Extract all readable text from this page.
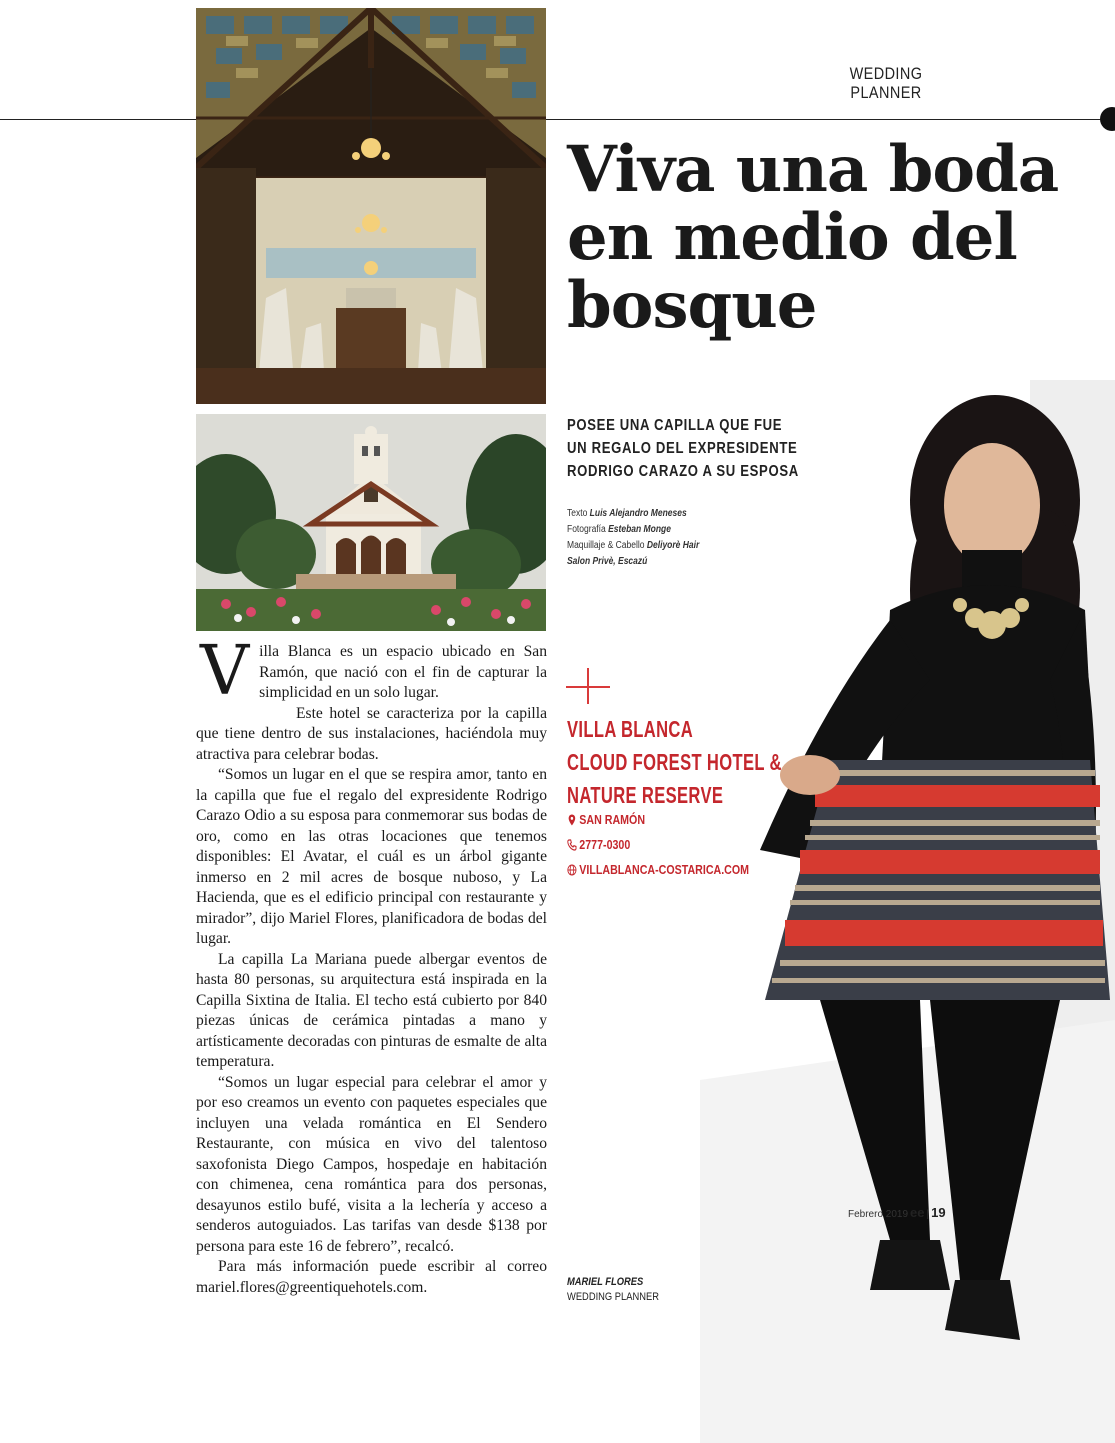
WEDDING
PLANNER
Viva una boda
en medio del
bosque
POSEE UNA CAPILLA QUE FUE
UN REGALO DEL EXPRESIDENTE
RODRIGO CARAZO A SU ESPOSA
Texto Luis Alejandro Meneses
Fotografía Esteban Monge
Maquillaje & Cabello Deliyorè Hair
Salon Privè, Escazú
VILLA BLANCA
CLOUD FOREST HOTEL &
NATURE RESERVE
SAN RAMÓN
2777-0300
VILLABLANCA-COSTARICA.COM

Villa Blanca es un espacio ubicado en San Ramón, que nació con el fin de capturar la simplicidad en un solo lugar.

Este hotel se caracteriza por la capilla que tiene dentro de sus instalaciones, haciéndola muy atractiva para celebrar bodas.

“Somos un lugar en el que se respira amor, tanto en la capilla que fue el regalo del expresidente Rodrigo Carazo Odio a su esposa para conmemorar sus bodas de oro, como en las otras locaciones que tenemos disponibles: El Avatar, el cuál es un árbol gigante inmerso en 2 mil acres de bosque nuboso, y La Hacienda, que es el edificio principal con restaurante y mirador”, dijo Mariel Flores, planificadora de bodas del lugar.

La capilla La Mariana puede albergar eventos de hasta 80 personas, su arquitectura está inspirada en la Capilla Sixtina de Italia. El techo está cubierto por 840 piezas únicas de cerámica pintadas a mano y artísticamente decoradas con pinturas de esmalte de alta temperatura.

“Somos un lugar especial para celebrar el amor y por eso creamos un evento con paquetes especiales que incluyen una velada romántica en El Sendero Restaurante, con música en vivo del talentoso saxofonista Diego Campos, hospedaje en habitación con chimenea, cena romántica para dos personas, desayunos estilo bufé, visita a la lechería y acceso a senderos autoguiados. Las tarifas van desde $138 por persona para este 16 de febrero”, recalcó.

Para más información puede escribir al correo mariel.flores@greentiquehotels.com.	MARIEL FLORES
WEDDING PLANNER
Febrero 2019 ee | 19
